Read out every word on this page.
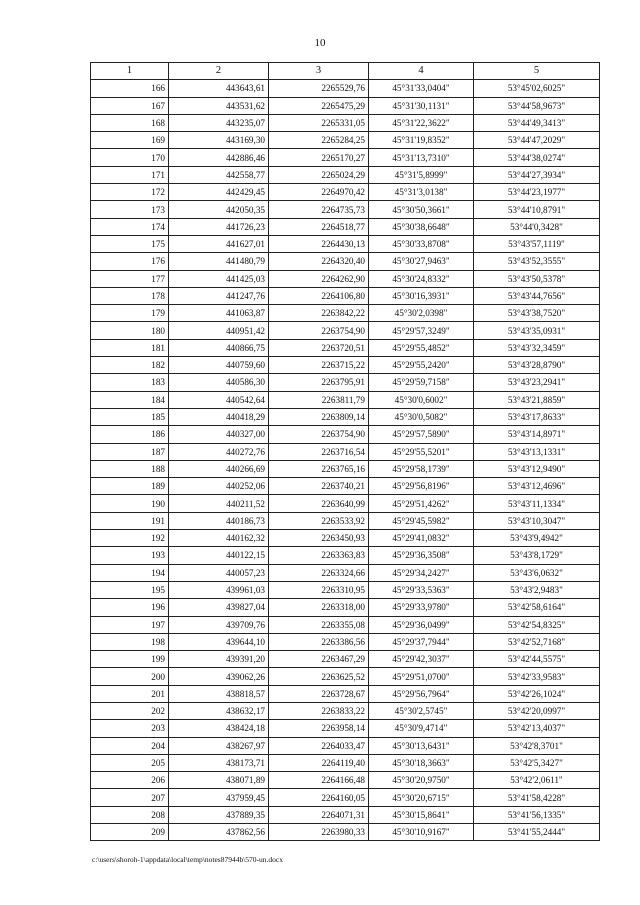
10
1	2	3	4	5
166	443643,61	2265529,76	45°31'33,0404"	53°45'02,6025"
167	443531,62	2265475,29	45°31'30,1131"	53°44'58,9673"
168	443235,07	2265331,05	45°31'22,3622"	53°44'49,3413"
169	443169,30	2265284,25	45°31'19,8352"	53°44'47,2029"
170	442886,46	2265170,27	45°31'13,7310"	53°44'38,0274"
171	442558,77	2265024,29	45°31'5,8999"	53°44'27,3934"
172	442429,45	2264970,42	45°31'3,0138"	53°44'23,1977"
173	442050,35	2264735,73	45°30'50,3661"	53°44'10,8791"
174	441726,23	2264518,77	45°30'38,6648"	53°44'0,3428"
175	441627,01	2264430,13	45°30'33,8708"	53°43'57,1119"
176	441480,79	2264320,40	45°30'27,9463"	53°43'52,3555"
177	441425,03	2264262,90	45°30'24,8332"	53°43'50,5378"
178	441247,76	2264106,80	45°30'16,3931"	53°43'44,7656"
179	441063,87	2263842,22	45°30'2,0398"	53°43'38,7520"
180	440951,42	2263754,90	45°29'57,3249"	53°43'35,0931"
181	440866,75	2263720,51	45°29'55,4852"	53°43'32,3459"
182	440759,60	2263715,22	45°29'55,2420"	53°43'28,8790"
183	440586,30	2263795,91	45°29'59,7158"	53°43'23,2941"
184	440542,64	2263811,79	45°30'0,6002"	53°43'21,8859"
185	440418,29	2263809,14	45°30'0,5082"	53°43'17,8633"
186	440327,00	2263754,90	45°29'57,5890"	53°43'14,8971"
187	440272,76	2263716,54	45°29'55,5201"	53°43'13,1331"
188	440266,69	2263765,16	45°29'58,1739"	53°43'12,9490"
189	440252,06	2263740,21	45°29'56,8196"	53°43'12,4696"
190	440211,52	2263640,99	45°29'51,4262"	53°43'11,1334"
191	440186,73	2263533,92	45°29'45,5982"	53°43'10,3047"
192	440162,32	2263450,93	45°29'41,0832"	53°43'9,4942"
193	440122,15	2263363,83	45°29'36,3508"	53°43'8,1729"
194	440057,23	2263324,66	45°29'34,2427"	53°43'6,0632"
195	439961,03	2263310,95	45°29'33,5363"	53°43'2,9483"
196	439827,04	2263318,00	45°29'33,9780"	53°42'58,6164"
197	439709,76	2263355,08	45°29'36,0499"	53°42'54,8325"
198	439644,10	2263386,56	45°29'37,7944"	53°42'52,7168"
199	439391,20	2263467,29	45°29'42,3037"	53°42'44,5575"
200	439062,26	2263625,52	45°29'51,0700"	53°42'33,9583"
201	438818,57	2263728,67	45°29'56,7964"	53°42'26,1024"
202	438632,17	2263833,22	45°30'2,5745"	53°42'20,0997"
203	438424,18	2263958,14	45°30'9,4714"	53°42'13,4037"
204	438267,97	2264033,47	45°30'13,6431"	53°42'8,3701"
205	438173,71	2264119,40	45°30'18,3663"	53°42'5,3427"
206	438071,89	2264166,48	45°30'20,9750"	53°42'2,0611"
207	437959,45	2264160,05	45°30'20,6715"	53°41'58,4228"
208	437889,35	2264071,31	45°30'15,8641"	53°41'56,1335"
209	437862,56	2263980,33	45°30'10,9167"	53°41'55,2444"
c:\users\shoroh-1\appdata\local\temp\notes87944b\570-un.docx
